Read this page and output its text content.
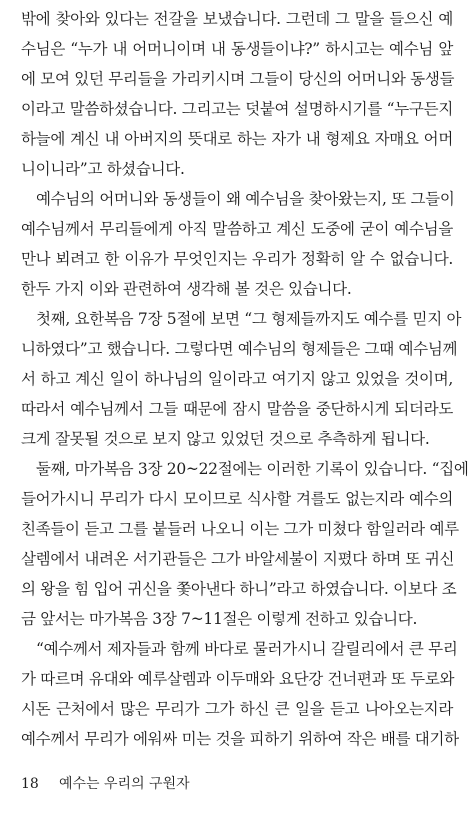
밖에 찾아와 있다는 전갈을 보냈습니다. 그런데 그 말을 들으신 예
수님은 “누가 내 어머니이며 내 동생들이냐?” 하시고는 예수님 앞
에 모여 있던 무리들을 가리키시며 그들이 당신의 어머니와 동생들
이라고 말씀하셨습니다. 그리고는 덧붙여 설명하시기를 “누구든지
하늘에 계신 내 아버지의 뜻대로 하는 자가 내 형제요 자매요 어머
니이니라”고 하셨습니다.
예수님의 어머니와 동생들이 왜 예수님을 찾아왔는지, 또 그들이
예수님께서 무리들에게 아직 말씀하고 계신 도중에 굳이 예수님을
만나 뵈려고 한 이유가 무엇인지는 우리가 정확히 알 수 없습니다.
한두 가지 이와 관련하여 생각해 볼 것은 있습니다.
첫째, 요한복음 7장 5절에 보면 “그 형제들까지도 예수를 믿지 아
니하였다”고 했습니다. 그렇다면 예수님의 형제들은 그때 예수님께
서 하고 계신 일이 하나님의 일이라고 여기지 않고 있었을 것이며,
따라서 예수님께서 그들 때문에 잠시 말씀을 중단하시게 되더라도
크게 잘못될 것으로 보지 않고 있었던 것으로 추측하게 됩니다.
둘째, 마가복음 3장 20~22절에는 이러한 기록이 있습니다. “집에
들어가시니 무리가 다시 모이므로 식사할 겨를도 없는지라 예수의
친족들이 듣고 그를 붙들러 나오니 이는 그가 미쳤다 함일러라 예루
살렘에서 내려온 서기관들은 그가 바알세불이 지폈다 하며 또 귀신
의 왕을 힘 입어 귀신을 쫓아낸다 하니”라고 하였습니다. 이보다 조
금 앞서는 마가복음 3장 7~11절은 이렇게 전하고 있습니다.
“예수께서 제자들과 함께 바다로 물러가시니 갈릴리에서 큰 무리
가 따르며 유대와 예루살렘과 이두매와 요단강 건너편과 또 두로와
시돈 근처에서 많은 무리가 그가 하신 큰 일을 듣고 나아오는지라
예수께서 무리가 에워싸 미는 것을 피하기 위하여 작은 배를 대기하
18 예수는 우리의 구원자
